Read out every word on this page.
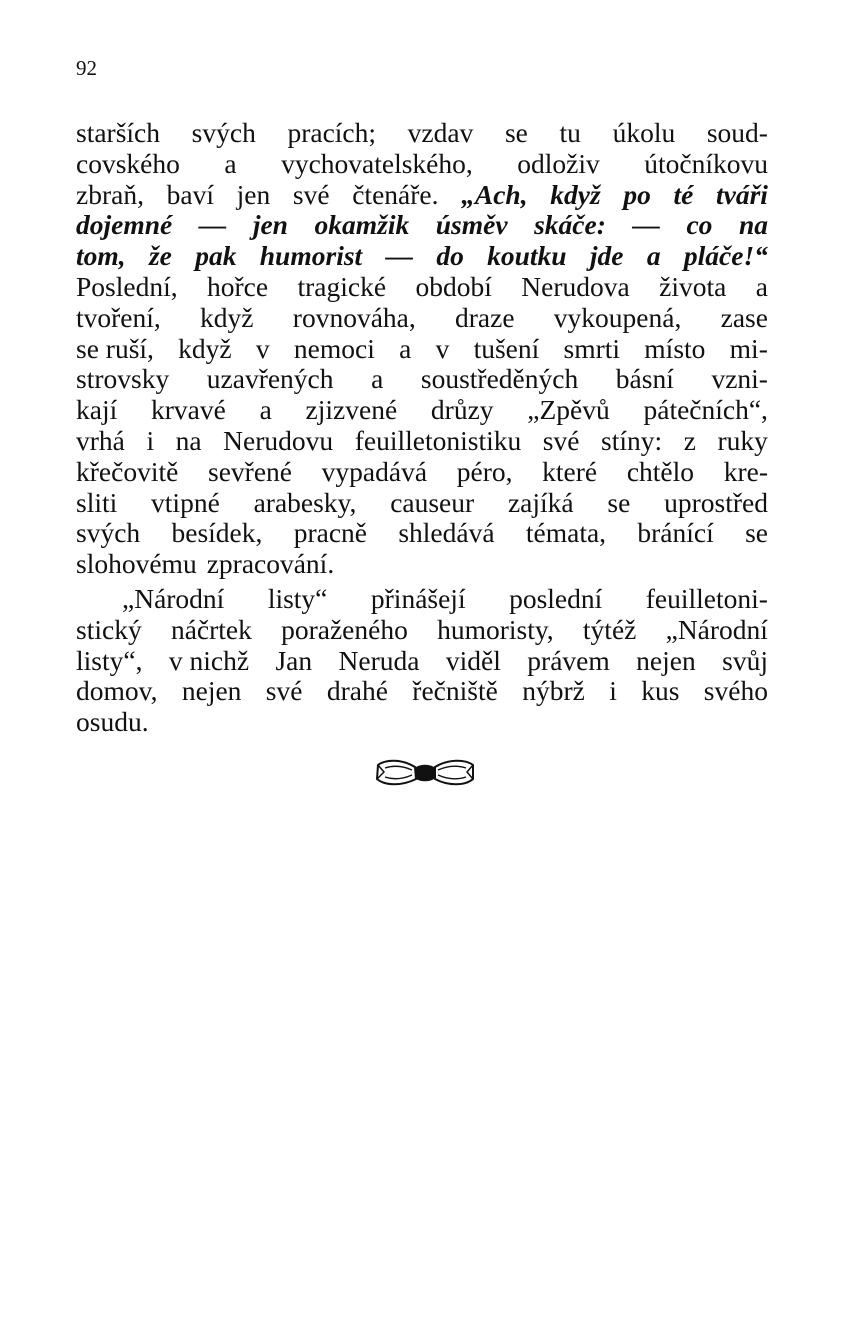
92
starších svých pracích; vzdav se tu úkolu soud-
covského a vychovatelského, odloživ útočníkovu
zbraň, baví jen své čtenáře. „Ach, když po té tváři
dojemné — jen okamžik úsměv skáče: — co na
tom, že pak humorist — do koutku jde a pláče!“
Poslední, hořce tragické období Nerudova života a
tvoření, když rovnováha, draze vykoupená, zase
se ruší, když v nemoci a v tušení smrti místo mi-
strovsky uzavřených a soustředěných básní vzni-
kají krvavé a zjizvené drůzy „Zpěvů pátečních“,
vrhá i na Nerudovu feuilletonistiku své stíny: z ruky
křečovitě sevřené vypadává péro, které chtělo kre-
sliti vtipné arabesky, causeur zajíká se uprostřed
svých besídek, pracně shledává témata, bránící se
slohovému zpracování.
„Národní listy“ přinášejí poslední feuilletoni-
stický náčrtek poraženého humoristy, týtéž „Národní
listy“, v nichž Jan Neruda viděl právem nejen svůj
domov, nejen své drahé řečniště nýbrž i kus svého
osudu.
